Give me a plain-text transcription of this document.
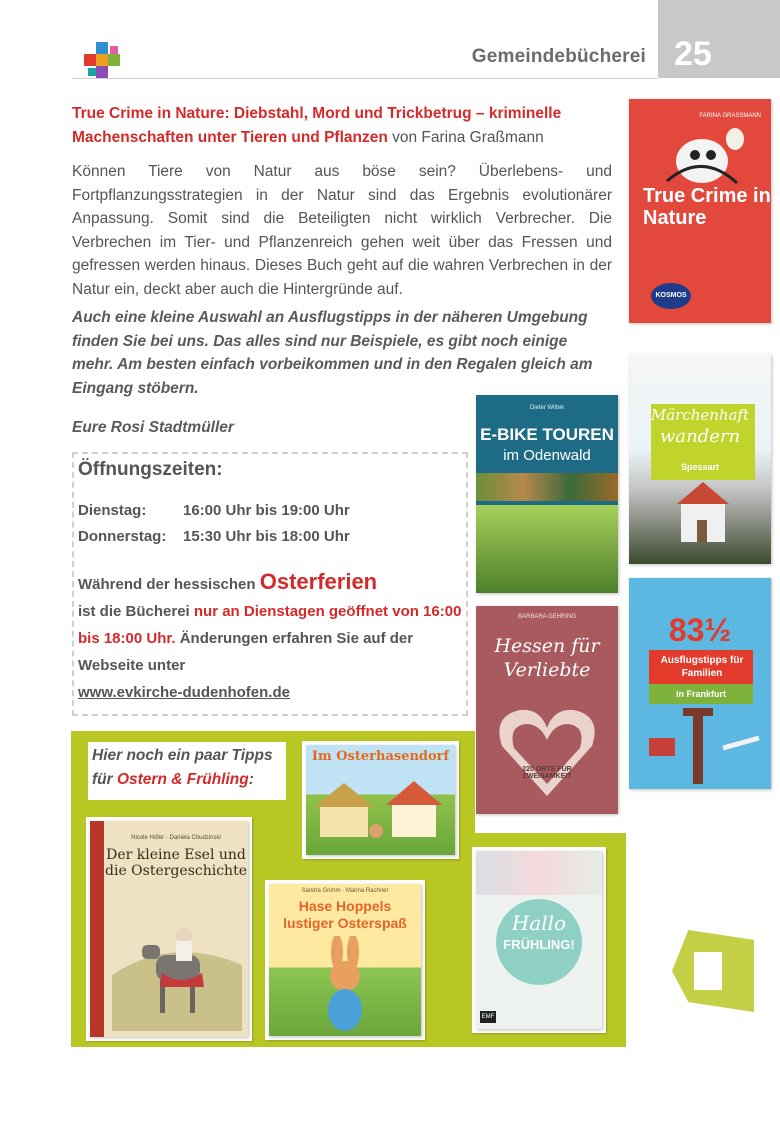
Gemeindebücherei 25
True Crime in Nature: Diebstahl, Mord und Trickbetrug – kriminelle Machenschaften unter Tieren und Pflanzen von Farina Graßmann
Können Tiere von Natur aus böse sein? Überlebens- und Fortpflanzungsstrategien in der Natur sind das Ergebnis evolutionärer Anpassung. Somit sind die Beteiligten nicht wirklich Verbrecher. Die Verbrechen im Tier- und Pflanzenreich gehen weit über das Fressen und gefressen werden hinaus. Dieses Buch geht auf die wahren Verbrechen in der Natur ein, deckt aber auch die Hintergründe auf.
Auch eine kleine Auswahl an Ausflugstipps in der näheren Umgebung finden Sie bei uns. Das alles sind nur Beispiele, es gibt noch einige mehr. Am besten einfach vorbeikommen und in den Regalen gleich am Eingang stöbern.
Eure Rosi Stadtmüller
Öffnungszeiten:
Dienstag: 16:00 Uhr bis 19:00 Uhr
Donnerstag: 15:30 Uhr bis 18:00 Uhr
Während der hessischen Osterferien
ist die Bücherei nur an Dienstagen geöffnet von 16:00 bis 18:00 Uhr. Änderungen erfahren Sie auf der Webseite unter
www.evkirche-dudenhofen.de
FARINA GRASSMANN
True Crime in Nature
KOSMOS
Märchenhaft
wandern
Spessart
83½
Ausflugstipps für Familien
in Frankfurt
Dieter Wittek
E-BIKE TOUREN
im Odenwald
BARBARA GEHRING
Hessen für Verliebte
220 ORTE FÜR ZWEISAMKEIT
Hier noch ein paar Tipps
für Ostern & Frühling:
Im Osterhasendorf
Nicole Höfer · Daniela Chudzinski
Der kleine Esel und die Ostergeschichte
Sandra Grimm · Marina Rachner
Hase Hoppels lustiger Osterspaß	Hallo
FRÜHLING!
EMF
